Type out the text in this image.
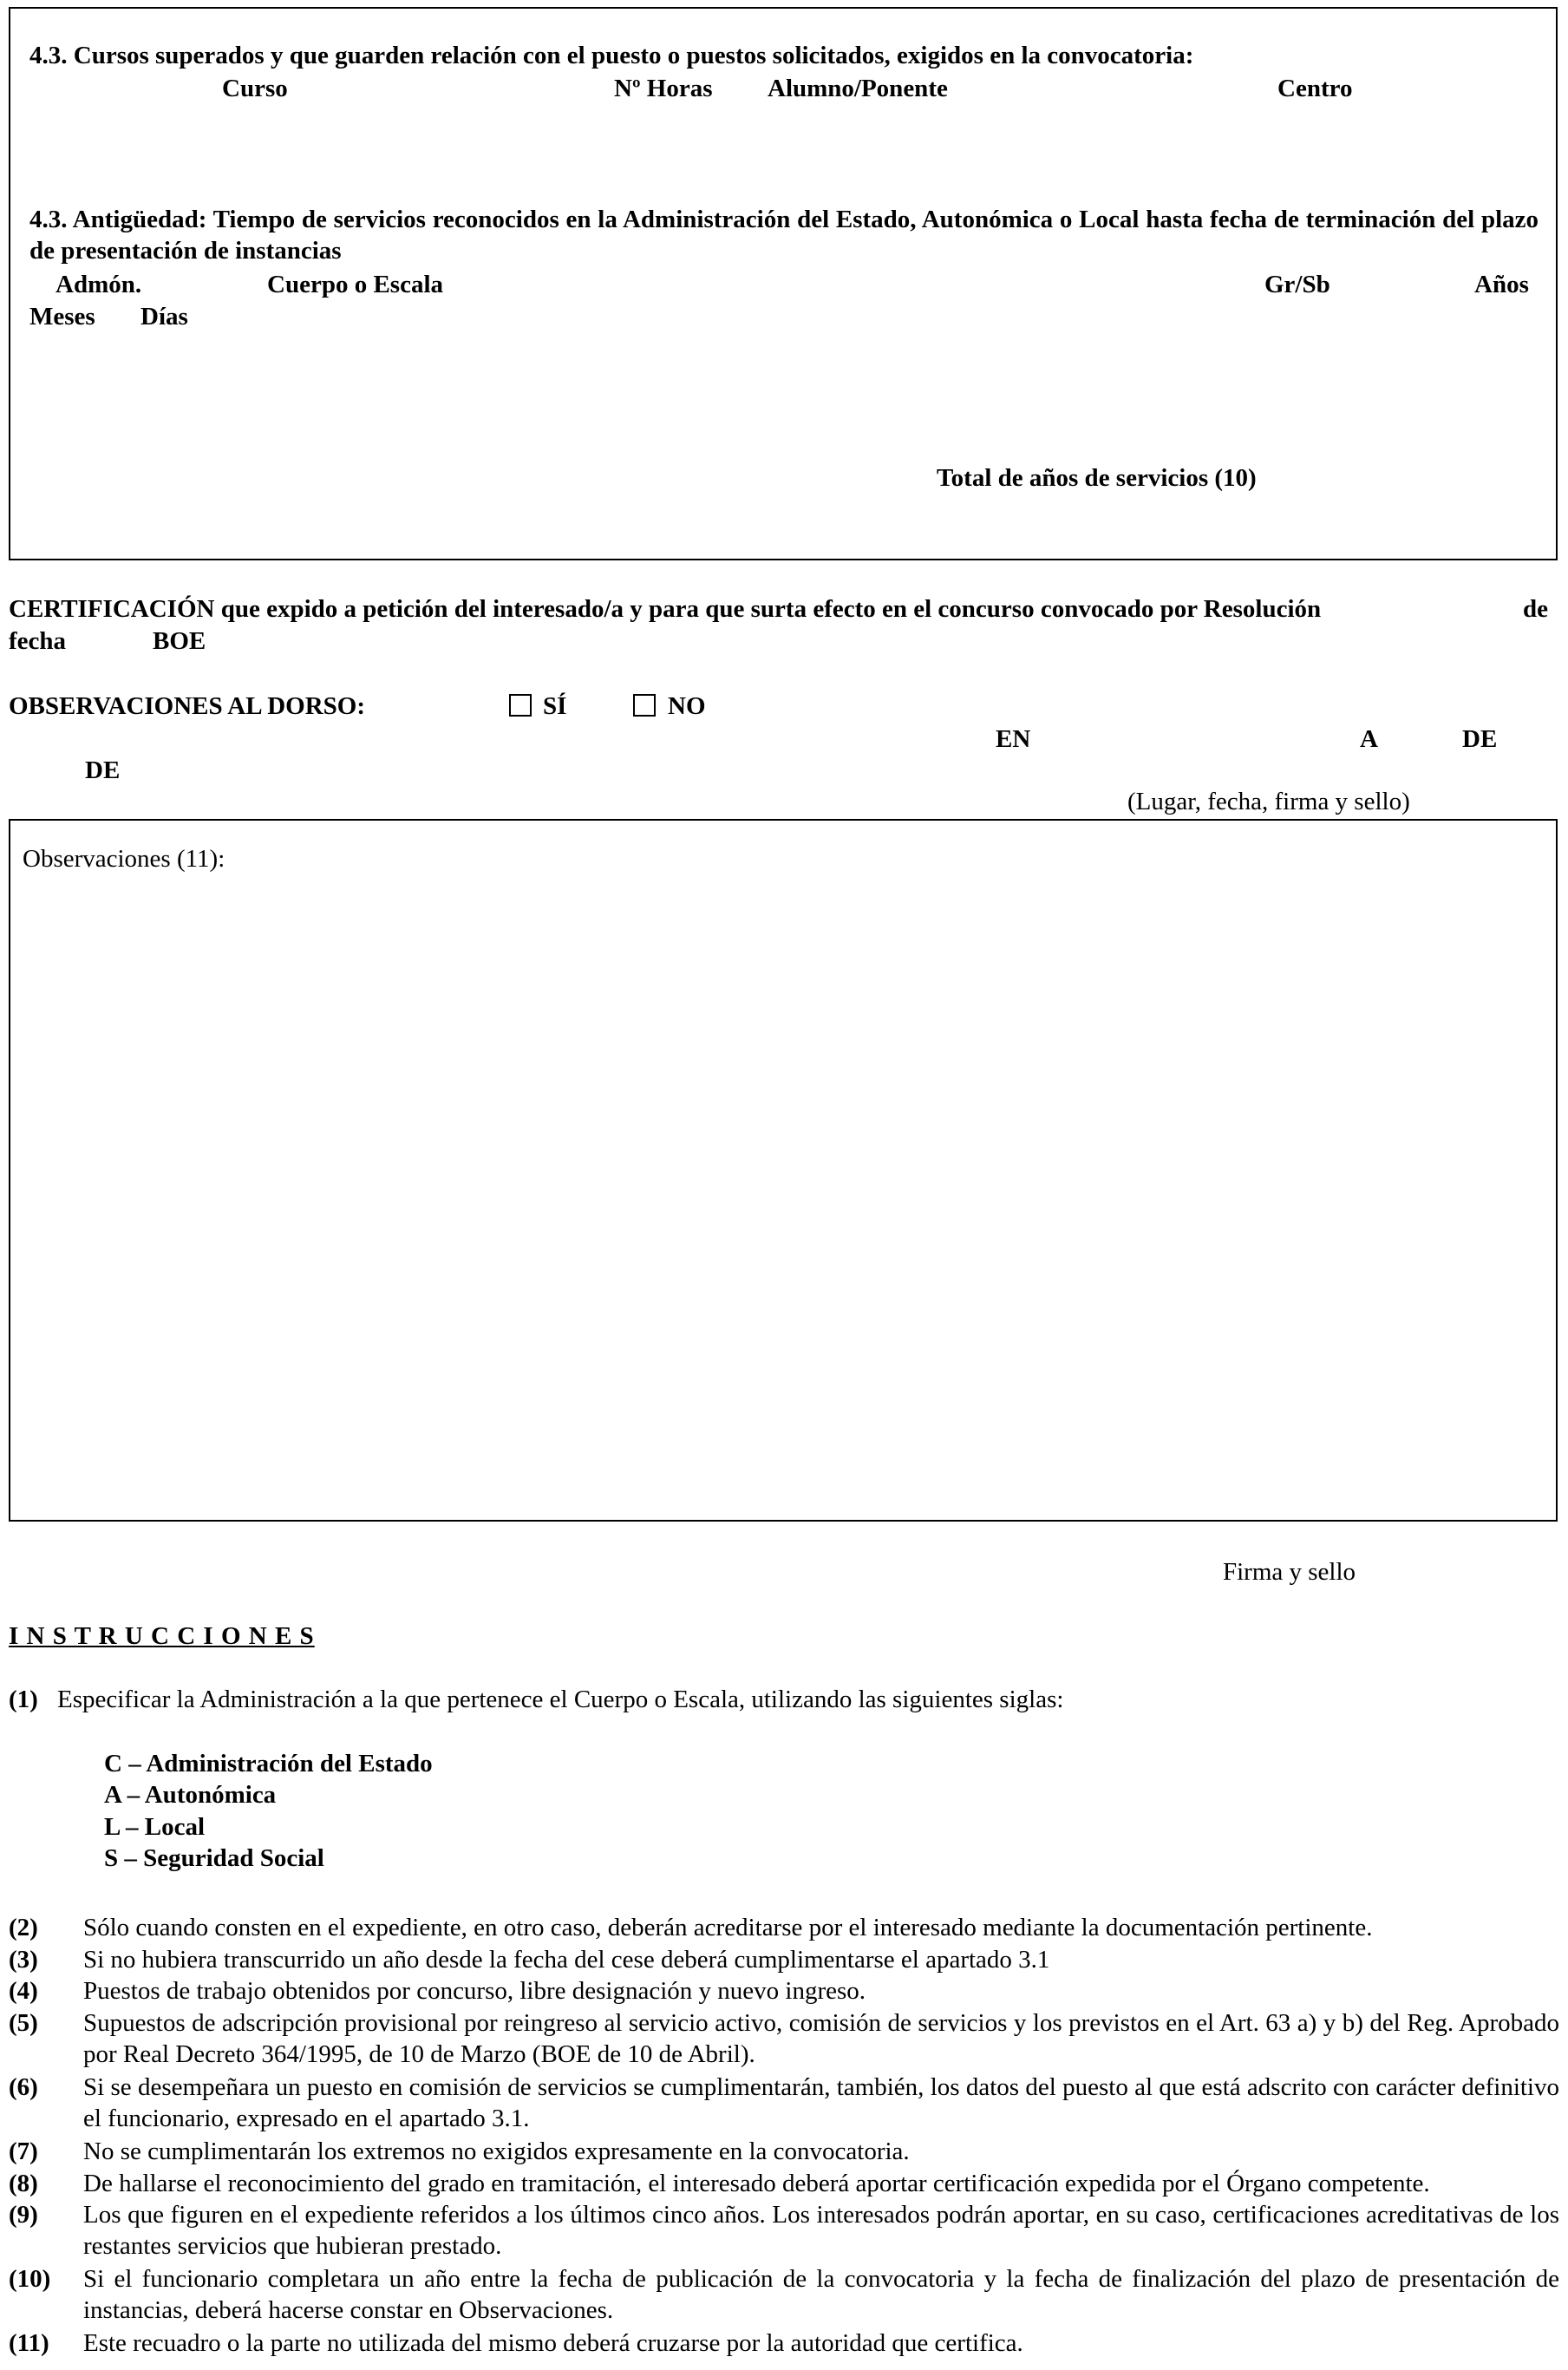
4.3. Cursos superados y que guarden relación con el puesto o puestos solicitados, exigidos en la convocatoria:
Curso	Nº Horas Alumno/Ponente	Centro
4.3. Antigüedad: Tiempo de servicios reconocidos en la Administración del Estado, Autonómica o Local hasta fecha de terminación del plazo de presentación de instancias
Admón.	Cuerpo o Escala	Gr/Sb	Años
Meses Días
Total de años de servicios (10)
CERTIFICACIÓN que expido a petición del interesado/a y para que surta efecto en el concurso convocado por Resolución	de
fecha	BOE
OBSERVACIONES AL DORSO:	SÍ	NO
EN	A	DE
DE
(Lugar, fecha, firma y sello)
Observaciones (11):
Firma y sello
I N S T R U C C I O N E S
(1) Especificar la Administración a la que pertenece el Cuerpo o Escala, utilizando las siguientes siglas:
C – Administración del Estado
A – Autonómica
L – Local
S – Seguridad Social
(2) Sólo cuando consten en el expediente, en otro caso, deberán acreditarse por el interesado mediante la documentación pertinente.
(3) Si no hubiera transcurrido un año desde la fecha del cese deberá cumplimentarse el apartado 3.1
(4) Puestos de trabajo obtenidos por concurso, libre designación y nuevo ingreso.
(5) Supuestos de adscripción provisional por reingreso al servicio activo, comisión de servicios y los previstos en el Art. 63 a) y b) del Reg. Aprobado por Real Decreto 364/1995, de 10 de Marzo (BOE de 10 de Abril).
(6) Si se desempeñara un puesto en comisión de servicios se cumplimentarán, también, los datos del puesto al que está adscrito con carácter definitivo el funcionario, expresado en el apartado 3.1.
(7) No se cumplimentarán los extremos no exigidos expresamente en la convocatoria.
(8) De hallarse el reconocimiento del grado en tramitación, el interesado deberá aportar certificación expedida por el Órgano competente.
(9) Los que figuren en el expediente referidos a los últimos cinco años. Los interesados podrán aportar, en su caso, certificaciones acreditativas de los restantes servicios que hubieran prestado.
(10) Si el funcionario completara un año entre la fecha de publicación de la convocatoria y la fecha de finalización del plazo de presentación de instancias, deberá hacerse constar en Observaciones.
(11) Este recuadro o la parte no utilizada del mismo deberá cruzarse por la autoridad que certifica.
